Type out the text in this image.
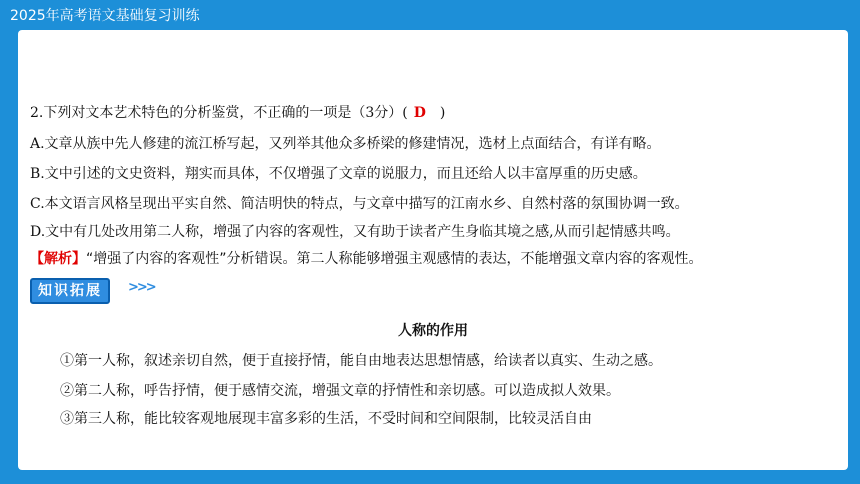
2025年高考语文基础复习训练
2.下列对文本艺术特色的分析鉴赏，不正确的一项是（3分）( D )
A.文章从族中先人修建的流江桥写起，又列举其他众多桥梁的修建情况，选材上点面结合，有详有略。
B.文中引述的文史资料，翔实而具体，不仅增强了文章的说服力，而且还给人以丰富厚重的历史感。
C.本文语言风格呈现出平实自然、简洁明快的特点，与文章中描写的江南水乡、自然村落的氛围协调一致。
D.文中有几处改用第二人称，增强了内容的客观性，又有助于读者产生身临其境之感,从而引起情感共鸣。
【解析】“增强了内容的客观性”分析错误。第二人称能够增强主观感情的表达，不能增强文章内容的客观性。
知识拓展	>>>
人称的作用
①第一人称，叙述亲切自然，便于直接抒情，能自由地表达思想情感，给读者以真实、生动之感。
②第二人称，呼告抒情，便于感情交流，增强文章的抒情性和亲切感。可以造成拟人效果。
③第三人称，能比较客观地展现丰富多彩的生活，不受时间和空间限制，比较灵活自由
